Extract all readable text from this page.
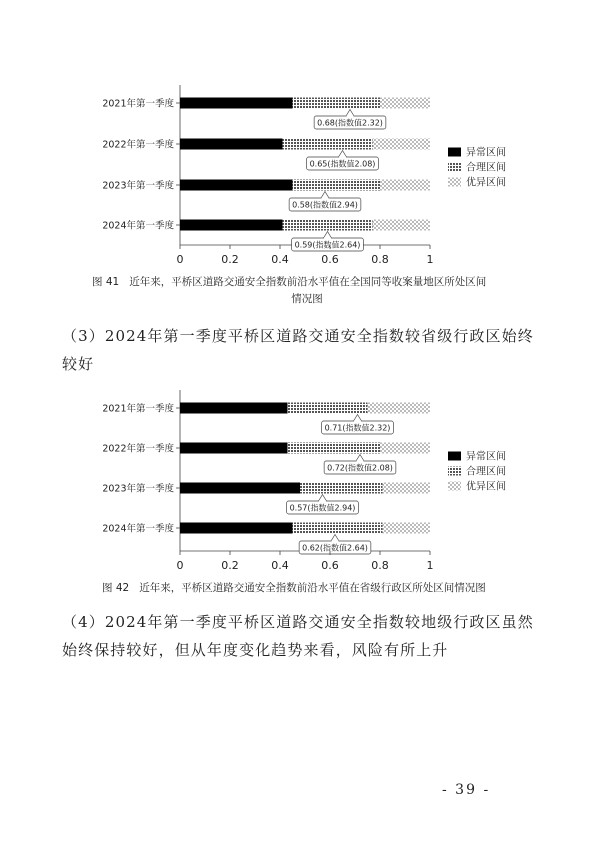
2021年第一季度
0.68(指数值2.32)
2022年第一季度
0.65(指数值2.08)
2023年第一季度
0.58(指数值2.94)
2024年第一季度
0.59(指数值2.64)
0	0.2	0.4	0.6	0.8	1
异常区间
合理区间
优异区间
图 41 近年来，平桥区道路交通安全指数前沿水平值在全国同等收案量地区所处区间
情况图
（3）2024年第一季度平桥区道路交通安全指数较省级行政区始终较好
2021年第一季度
0.71(指数值2.32)
2022年第一季度
0.72(指数值2.08)
2023年第一季度
0.57(指数值2.94)
2024年第一季度
0.62(指数值2.64)
0	0.2	0.4	0.6	0.8	1
异常区间
合理区间
优异区间
图 42 近年来，平桥区道路交通安全指数前沿水平值在省级行政区所处区间情况图
（4）2024年第一季度平桥区道路交通安全指数较地级行政区虽然始终保持较好，但从年度变化趋势来看，风险有所上升
- 39 -
